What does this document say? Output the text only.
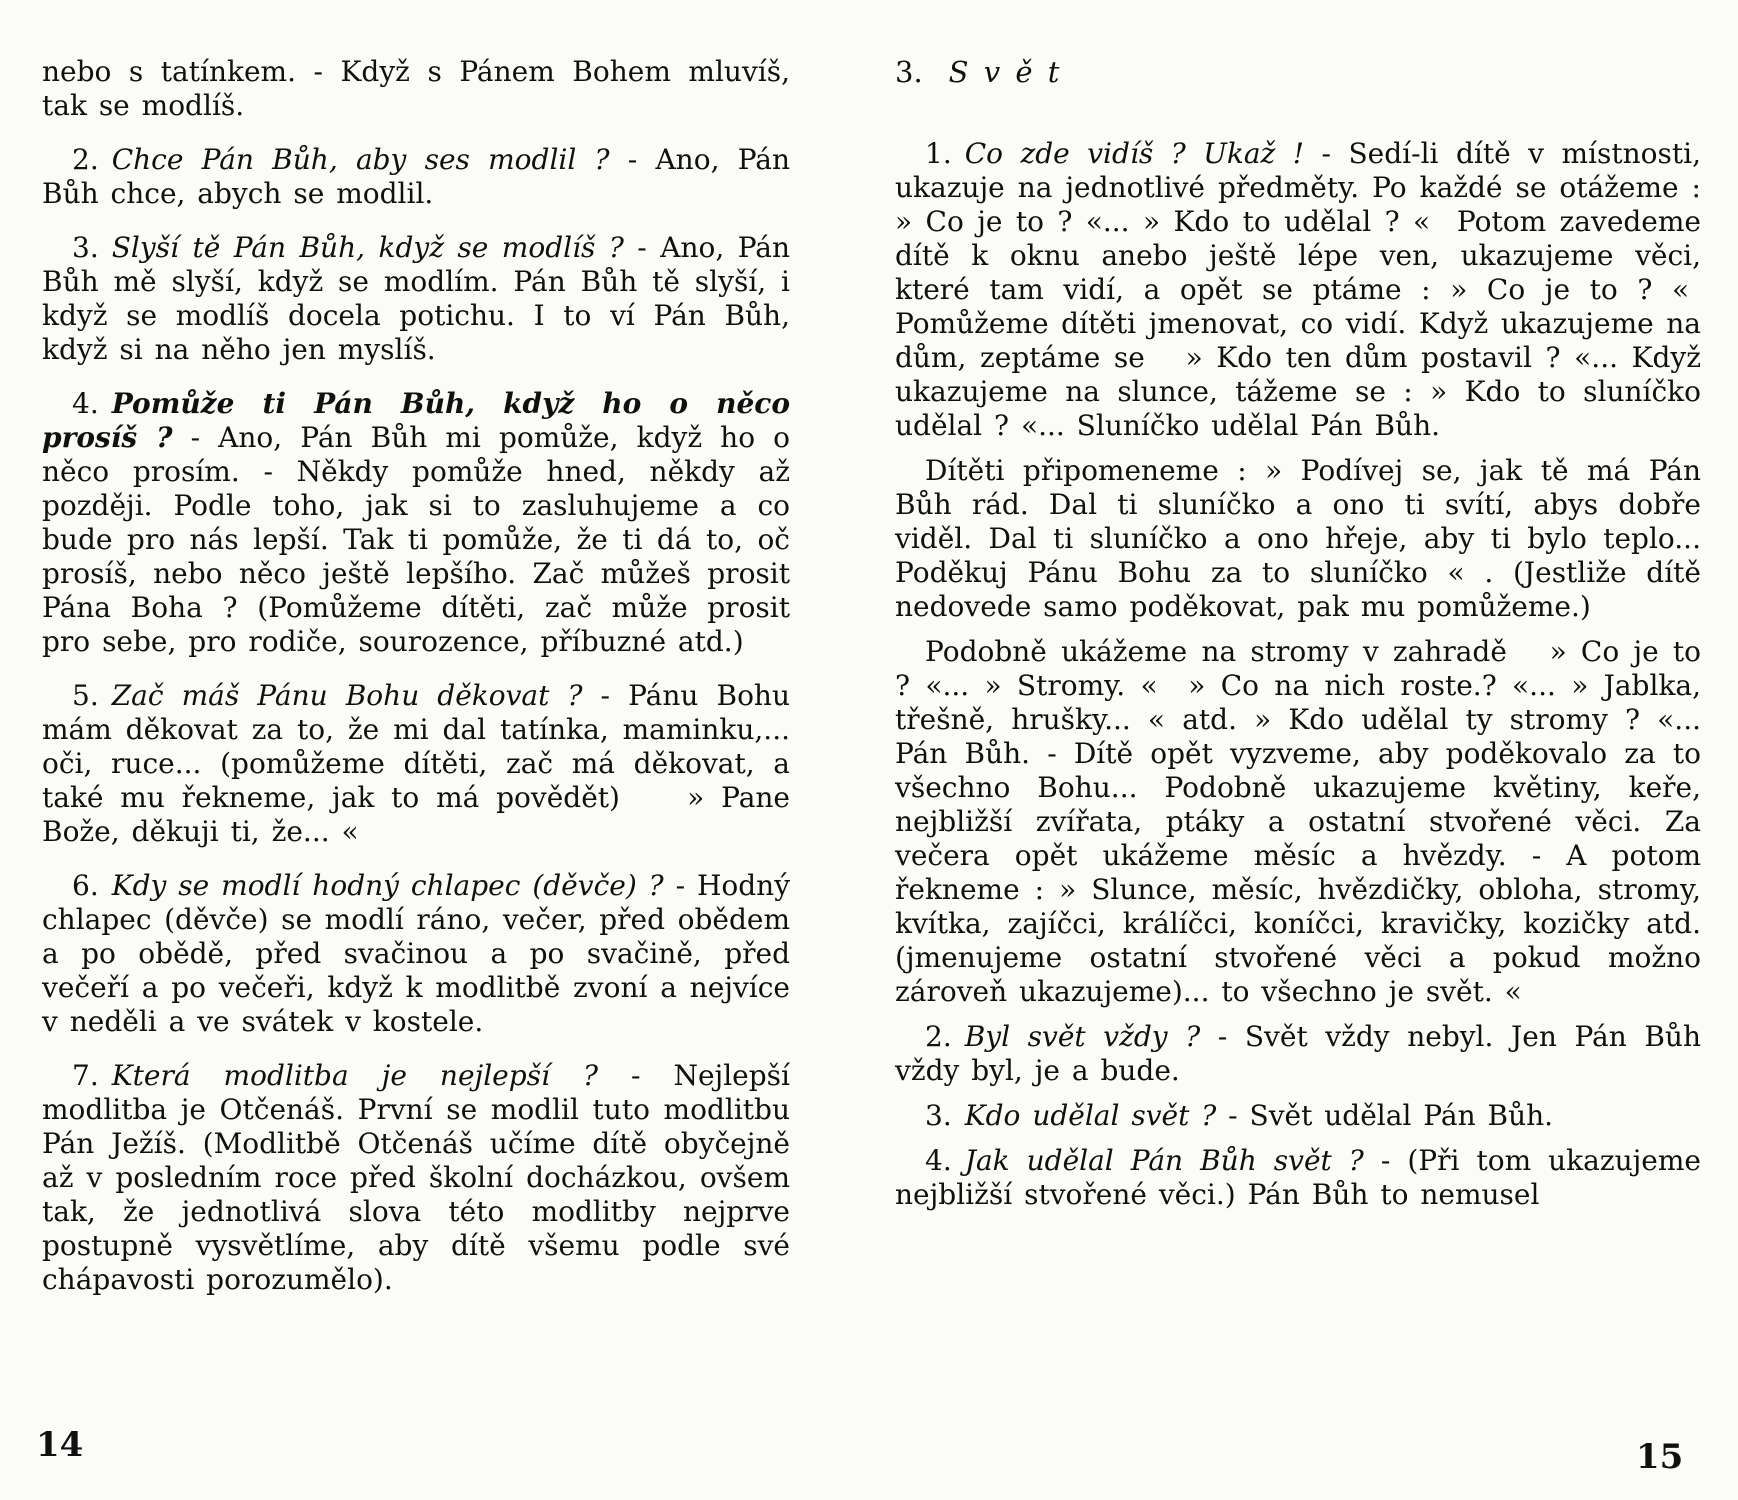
nebo s tatínkem. - Když s Pánem Bohem mluvíš, tak se modlíš.

2. Chce Pán Bůh, aby ses modlil ? - Ano, Pán Bůh chce, abych se modlil.

3. Slyší tě Pán Bůh, když se modlíš ? - Ano, Pán Bůh mě slyší, když se modlím. Pán Bůh tě slyší, i když se modlíš docela potichu. I to ví Pán Bůh, když si na něho jen myslíš.

4. Pomůže ti Pán Bůh, když ho o něco prosíš ? - Ano, Pán Bůh mi pomůže, když ho o něco prosím. - Někdy pomůže hned, někdy až později. Podle toho, jak si to zasluhujeme a co bude pro nás lepší. Tak ti pomůže, že ti dá to, oč prosíš, nebo něco ještě lepšího. Zač můžeš prosit Pána Boha ? (Pomůžeme dítěti, zač může prosit pro sebe, pro rodiče, sourozence, příbuzné atd.)

5. Zač máš Pánu Bohu děkovat ? - Pánu Bohu mám děkovat za to, že mi dal tatínka, maminku,... oči, ruce... (pomůžeme dítěti, zač má děkovat, a také mu řekneme, jak to má povědět)    » Pane Bože, děkuji ti, že... «

6. Kdy se modlí hodný chlapec (děvče) ? - Hodný chlapec (děvče) se modlí ráno, večer, před obědem a po obědě, před svačinou a po svačině, před večeří a po večeři, když k modlitbě zvoní a nejvíce v neděli a ve svátek v kostele.

7. Která modlitba je nejlepší ? - Nejlepší modlitba je Otčenáš. První se modlil tuto modlitbu Pán Ježíš. (Modlitbě Otčenáš učíme dítě obyčejně až v posledním roce před školní docházkou, ovšem tak, že jednotlivá slova této modlitby nejprve postupně vysvětlíme, aby dítě všemu podle své chápavosti porozumělo).

3. S v ě t

1. Co zde vidíš ? Ukaž ! - Sedí-li dítě v místnosti, ukazuje na jednotlivé předměty. Po každé se otážeme : » Co je to ? «... » Kdo to udělal ? «  Potom zavedeme dítě k oknu anebo ještě lépe ven, ukazujeme věci, které tam vidí, a opět se ptáme : » Co je to ? «  Pomůžeme dítěti jmenovat, co vidí. Když ukazujeme na dům, zeptáme se   » Kdo ten dům postavil ? «... Když ukazujeme na slunce, tážeme se : » Kdo to sluníčko udělal ? «... Sluníčko udělal Pán Bůh.

Dítěti připomeneme : » Podívej se, jak tě má Pán Bůh rád. Dal ti sluníčko a ono ti svítí, abys dobře viděl. Dal ti sluníčko a ono hřeje, aby ti bylo teplo... Poděkuj Pánu Bohu za to sluníčko « . (Jestliže dítě nedovede samo poděkovat, pak mu pomůžeme.)

Podobně ukážeme na stromy v zahradě   » Co je to ? «... » Stromy. «  » Co na nich roste.? «... » Jablka, třešně, hrušky... « atd. » Kdo udělal ty stromy ? «... Pán Bůh. - Dítě opět vyzveme, aby poděkovalo za to všechno Bohu... Podobně ukazujeme květiny, keře, nejbližší zvířata, ptáky a ostatní stvořené věci. Za večera opět ukážeme měsíc a hvězdy. - A potom řekneme : » Slunce, měsíc, hvězdičky, obloha, stromy, kvítka, zajíčci, králíčci, koníčci, kravičky, kozičky atd. (jmenujeme ostatní stvořené věci a pokud možno zároveň ukazujeme)... to všechno je svět. «

2. Byl svět vždy ? - Svět vždy nebyl. Jen Pán Bůh vždy byl, je a bude.

3. Kdo udělal svět ? - Svět udělal Pán Bůh.

4. Jak udělal Pán Bůh svět ? - (Při tom ukazujeme nejbližší stvořené věci.) Pán Bůh to nemusel

14	15
